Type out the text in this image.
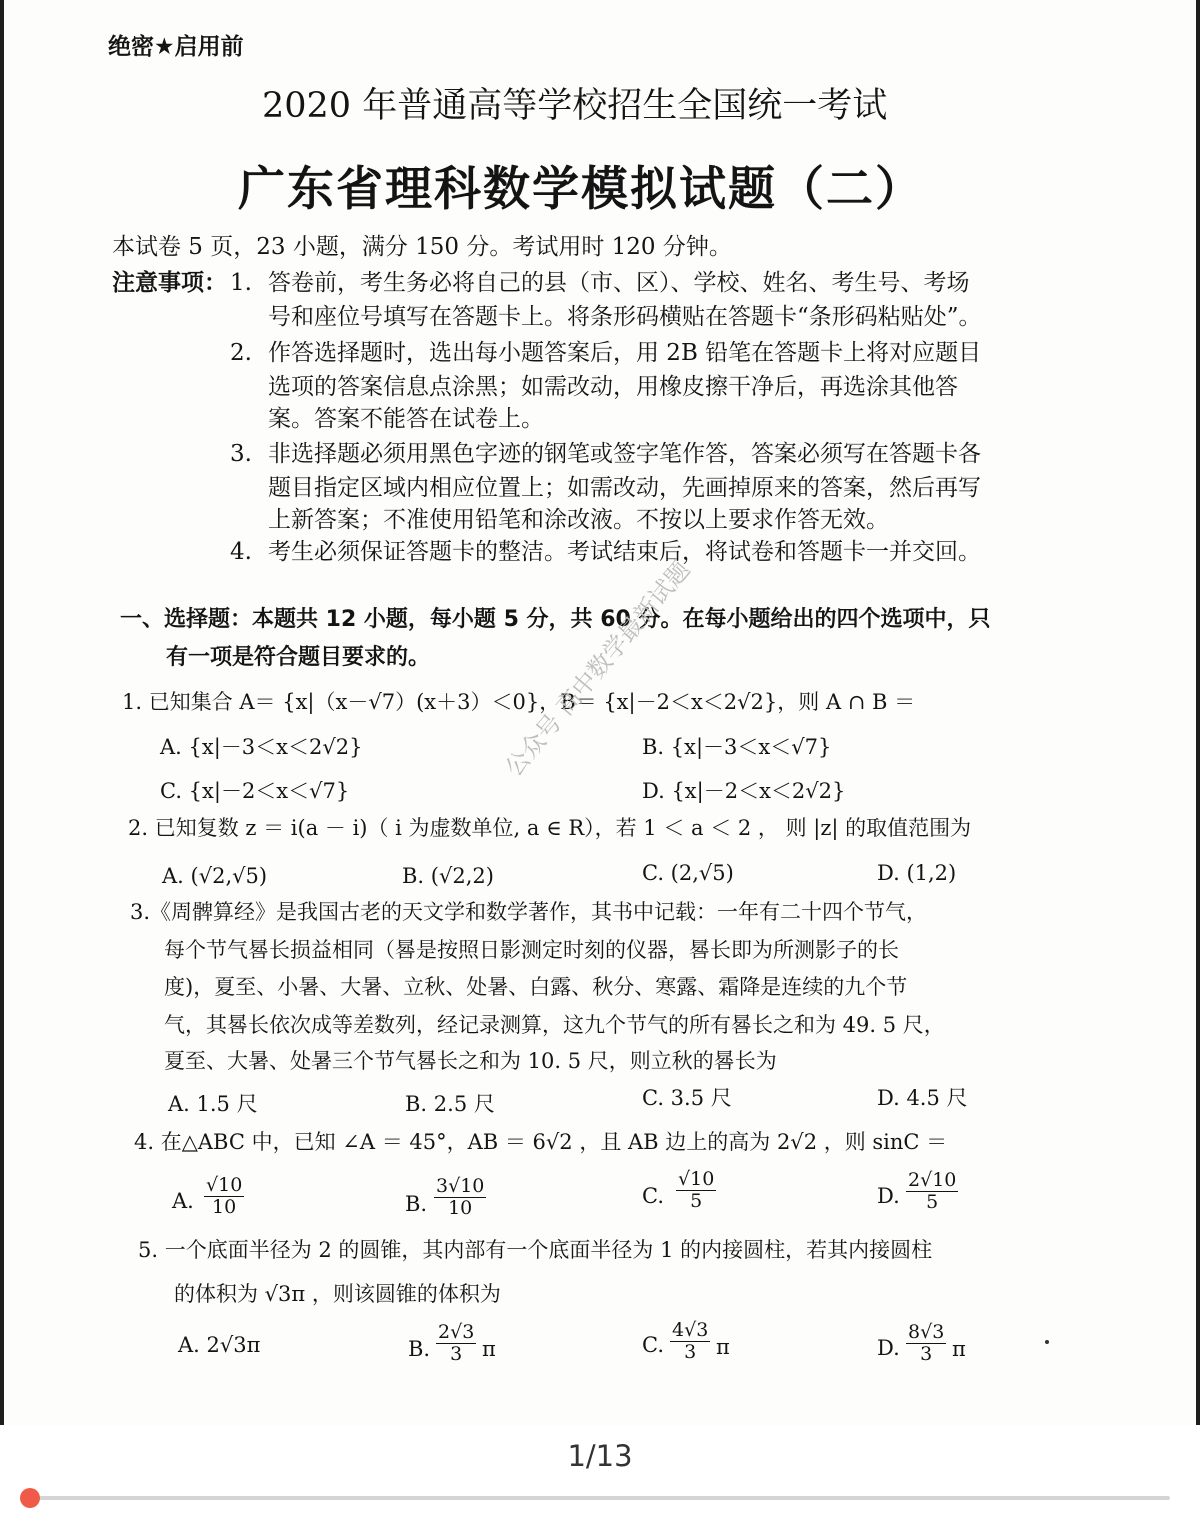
绝密★启用前
2020 年普通高等学校招生全国统一考试
广东省理科数学模拟试题（二）
本试卷 5 页，23 小题，满分 150 分。考试用时 120 分钟。
注意事项： 1. 答卷前，考生务必将自己的县（市、区）、学校、姓名、考生号、考场
号和座位号填写在答题卡上。将条形码横贴在答题卡“条形码粘贴处”。
2. 作答选择题时，选出每小题答案后，用 2B 铅笔在答题卡上将对应题目
选项的答案信息点涂黑；如需改动，用橡皮擦干净后，再选涂其他答
案。答案不能答在试卷上。
3. 非选择题必须用黑色字迹的钢笔或签字笔作答，答案必须写在答题卡各
题目指定区域内相应位置上；如需改动，先画掉原来的答案，然后再写
上新答案；不准使用铅笔和涂改液。不按以上要求作答无效。
4. 考生必须保证答题卡的整洁。考试结束后，将试卷和答题卡一并交回。
一、选择题：本题共 12 小题，每小题 5 分，共 60 分。在每小题给出的四个选项中，只
有一项是符合题目要求的。
1. 已知集合 A＝ {x|（x－√7）(x＋3）＜0}，B＝ {x|－2＜x＜2√2}，则 A ∩ B ＝
A. {x|－3＜x＜2√2}	B. {x|－3＜x＜√7}
C. {x|－2＜x＜√7}	D. {x|－2＜x＜2√2}
2. 已知复数 z ＝ i(a － i)（ i 为虚数单位, a ∈ R），若 1 ＜ a ＜ 2 ， 则 |z| 的取值范围为
A. (√2,√5)	B. (√2,2)	C. (2,√5)	D. (1,2)
3.《周髀算经》是我国古老的天文学和数学著作，其书中记载：一年有二十四个节气，
每个节气晷长损益相同（晷是按照日影测定时刻的仪器，晷长即为所测影子的长
度)，夏至、小暑、大暑、立秋、处暑、白露、秋分、寒露、霜降是连续的九个节
气，其晷长依次成等差数列，经记录测算，这九个节气的所有晷长之和为 49. 5 尺，
夏至、大暑、处暑三个节气晷长之和为 10. 5 尺，则立秋的晷长为
A. 1.5 尺	B. 2.5 尺	C. 3.5 尺	D. 4.5 尺
4. 在△ABC 中，已知 ∠A ＝ 45°，AB ＝ 6√2 ，且 AB 边上的高为 2√2 ，则 sinC ＝
A. $\frac{√10}{10}$	B. $\frac{3√10}{10}$	C. $\frac{√10}{5}$	D. $\frac{2√10}{5}$
5. 一个底面半径为 2 的圆锥，其内部有一个底面半径为 1 的内接圆柱，若其内接圆柱
的体积为 √3π ，则该圆锥的体积为
A. 2√3π	B. $\frac{2√3}{3}$ π	C. $\frac{4√3}{3}$ π	D. $\frac{8√3}{3}$ π
公众号 高中数学最新试题
1/13
